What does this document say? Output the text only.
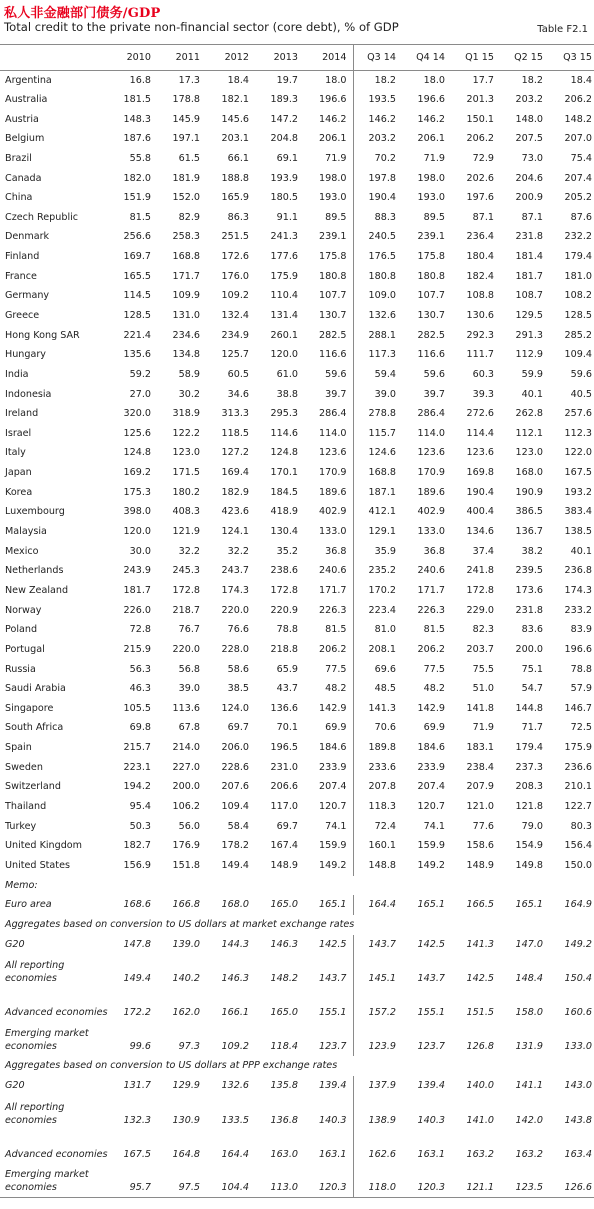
私人非金融部门债务/GDP
Total credit to the private non-financial sector (core debt), % of GDP	Table F2.1
	2010	2011	2012	2013	2014	Q3 14	Q4 14	Q1 15	Q2 15	Q3 15
Argentina	16.8	17.3	18.4	19.7	18.0	18.2	18.0	17.7	18.2	18.4
Australia	181.5	178.8	182.1	189.3	196.6	193.5	196.6	201.3	203.2	206.2
Austria	148.3	145.9	145.6	147.2	146.2	146.2	146.2	150.1	148.0	148.2
Belgium	187.6	197.1	203.1	204.8	206.1	203.2	206.1	206.2	207.5	207.0
Brazil	55.8	61.5	66.1	69.1	71.9	70.2	71.9	72.9	73.0	75.4
Canada	182.0	181.9	188.8	193.9	198.0	197.8	198.0	202.6	204.6	207.4
China	151.9	152.0	165.9	180.5	193.0	190.4	193.0	197.6	200.9	205.2
Czech Republic	81.5	82.9	86.3	91.1	89.5	88.3	89.5	87.1	87.1	87.6
Denmark	256.6	258.3	251.5	241.3	239.1	240.5	239.1	236.4	231.8	232.2
Finland	169.7	168.8	172.6	177.6	175.8	176.5	175.8	180.4	181.4	179.4
France	165.5	171.7	176.0	175.9	180.8	180.8	180.8	182.4	181.7	181.0
Germany	114.5	109.9	109.2	110.4	107.7	109.0	107.7	108.8	108.7	108.2
Greece	128.5	131.0	132.4	131.4	130.7	132.6	130.7	130.6	129.5	128.5
Hong Kong SAR	221.4	234.6	234.9	260.1	282.5	288.1	282.5	292.3	291.3	285.2
Hungary	135.6	134.8	125.7	120.0	116.6	117.3	116.6	111.7	112.9	109.4
India	59.2	58.9	60.5	61.0	59.6	59.4	59.6	60.3	59.9	59.6
Indonesia	27.0	30.2	34.6	38.8	39.7	39.0	39.7	39.3	40.1	40.5
Ireland	320.0	318.9	313.3	295.3	286.4	278.8	286.4	272.6	262.8	257.6
Israel	125.6	122.2	118.5	114.6	114.0	115.7	114.0	114.4	112.1	112.3
Italy	124.8	123.0	127.2	124.8	123.6	124.6	123.6	123.6	123.0	122.0
Japan	169.2	171.5	169.4	170.1	170.9	168.8	170.9	169.8	168.0	167.5
Korea	175.3	180.2	182.9	184.5	189.6	187.1	189.6	190.4	190.9	193.2
Luxembourg	398.0	408.3	423.6	418.9	402.9	412.1	402.9	400.4	386.5	383.4
Malaysia	120.0	121.9	124.1	130.4	133.0	129.1	133.0	134.6	136.7	138.5
Mexico	30.0	32.2	32.2	35.2	36.8	35.9	36.8	37.4	38.2	40.1
Netherlands	243.9	245.3	243.7	238.6	240.6	235.2	240.6	241.8	239.5	236.8
New Zealand	181.7	172.8	174.3	172.8	171.7	170.2	171.7	172.8	173.6	174.3
Norway	226.0	218.7	220.0	220.9	226.3	223.4	226.3	229.0	231.8	233.2
Poland	72.8	76.7	76.6	78.8	81.5	81.0	81.5	82.3	83.6	83.9
Portugal	215.9	220.0	228.0	218.8	206.2	208.1	206.2	203.7	200.0	196.6
Russia	56.3	56.8	58.6	65.9	77.5	69.6	77.5	75.5	75.1	78.8
Saudi Arabia	46.3	39.0	38.5	43.7	48.2	48.5	48.2	51.0	54.7	57.9
Singapore	105.5	113.6	124.0	136.6	142.9	141.3	142.9	141.8	144.8	146.7
South Africa	69.8	67.8	69.7	70.1	69.9	70.6	69.9	71.9	71.7	72.5
Spain	215.7	214.0	206.0	196.5	184.6	189.8	184.6	183.1	179.4	175.9
Sweden	223.1	227.0	228.6	231.0	233.9	233.6	233.9	238.4	237.3	236.6
Switzerland	194.2	200.0	207.6	206.6	207.4	207.8	207.4	207.9	208.3	210.1
Thailand	95.4	106.2	109.4	117.0	120.7	118.3	120.7	121.0	121.8	122.7
Turkey	50.3	56.0	58.4	69.7	74.1	72.4	74.1	77.6	79.0	80.3
United Kingdom	182.7	176.9	178.2	167.4	159.9	160.1	159.9	158.6	154.9	156.4
United States	156.9	151.8	149.4	148.9	149.2	148.8	149.2	148.9	149.8	150.0
Memo:										
Euro area	168.6	166.8	168.0	165.0	165.1	164.4	165.1	166.5	165.1	164.9
Aggregates based on conversion to US dollars at market exchange rates										
G20	147.8	139.0	144.3	146.3	142.5	143.7	142.5	141.3	147.0	149.2
All reporting economies	149.4	140.2	146.3	148.2	143.7	145.1	143.7	142.5	148.4	150.4
Advanced economies	172.2	162.0	166.1	165.0	155.1	157.2	155.1	151.5	158.0	160.6
Emerging market economies	99.6	97.3	109.2	118.4	123.7	123.9	123.7	126.8	131.9	133.0
Aggregates based on conversion to US dollars at PPP exchange rates										
G20	131.7	129.9	132.6	135.8	139.4	137.9	139.4	140.0	141.1	143.0
All reporting economies	132.3	130.9	133.5	136.8	140.3	138.9	140.3	141.0	142.0	143.8
Advanced economies	167.5	164.8	164.4	163.0	163.1	162.6	163.1	163.2	163.2	163.4
Emerging market economies	95.7	97.5	104.4	113.0	120.3	118.0	120.3	121.1	123.5	126.6
